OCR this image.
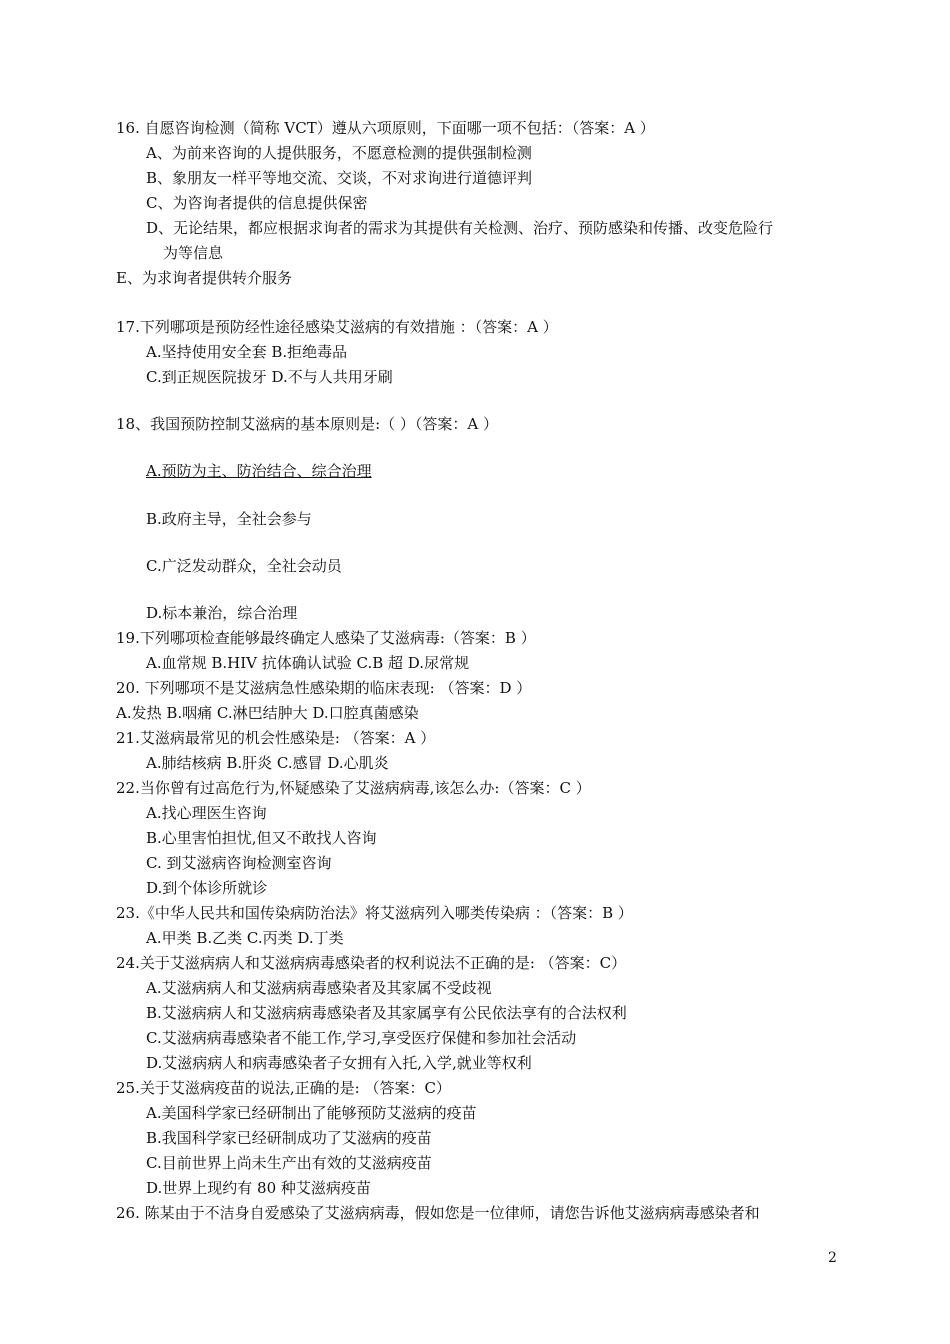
16. 自愿咨询检测（简称 VCT）遵从六项原则，下面哪一项不包括：（答案：A ）
A、为前来咨询的人提供服务，不愿意检测的提供强制检测
B、象朋友一样平等地交流、交谈，不对求询进行道德评判
C、为咨询者提供的信息提供保密
D、无论结果，都应根据求询者的需求为其提供有关检测、治疗、预防感染和传播、改变危险行
为等信息
E、为求询者提供转介服务
17.下列哪项是预防经性途径感染艾滋病的有效措施 ：（答案：A ）
A.坚持使用安全套 B.拒绝毒品
C.到正规医院拔牙 D.不与人共用牙刷
18、我国预防控制艾滋病的基本原则是:（ ）（答案：A ）
A.预防为主、防治结合、综合治理
B.政府主导，全社会参与
C.广泛发动群众，全社会动员
D.标本兼治，综合治理
19.下列哪项检查能够最终确定人感染了艾滋病毒:（答案：B ）
A.血常规 B.HIV 抗体确认试验 C.B 超 D.尿常规
20. 下列哪项不是艾滋病急性感染期的临床表现: （答案：D ）
A.发热 B.咽痛 C.淋巴结肿大 D.口腔真菌感染
21.艾滋病最常见的机会性感染是: （答案：A ）
A.肺结核病 B.肝炎 C.感冒 D.心肌炎
22.当你曾有过高危行为,怀疑感染了艾滋病病毒,该怎么办:（答案：C ）
A.找心理医生咨询
B.心里害怕担忧,但又不敢找人咨询
C. 到艾滋病咨询检测室咨询
D.到个体诊所就诊
23.《中华人民共和国传染病防治法》将艾滋病列入哪类传染病 ：（答案：B ）
A.甲类 B.乙类 C.丙类 D.丁类
24.关于艾滋病病人和艾滋病病毒感染者的权利说法不正确的是: （答案：C）
A.艾滋病病人和艾滋病病毒感染者及其家属不受歧视
B.艾滋病病人和艾滋病病毒感染者及其家属享有公民依法享有的合法权利
C.艾滋病病毒感染者不能工作,学习,享受医疗保健和参加社会活动
D.艾滋病病人和病毒感染者子女拥有入托,入学,就业等权利
25.关于艾滋病疫苗的说法,正确的是: （答案：C）
A.美国科学家已经研制出了能够预防艾滋病的疫苗
B.我国科学家已经研制成功了艾滋病的疫苗
C.目前世界上尚未生产出有效的艾滋病疫苗
D.世界上现约有 80 种艾滋病疫苗
26. 陈某由于不洁身自爱感染了艾滋病病毒，假如您是一位律师，请您告诉他艾滋病病毒感染者和
2
